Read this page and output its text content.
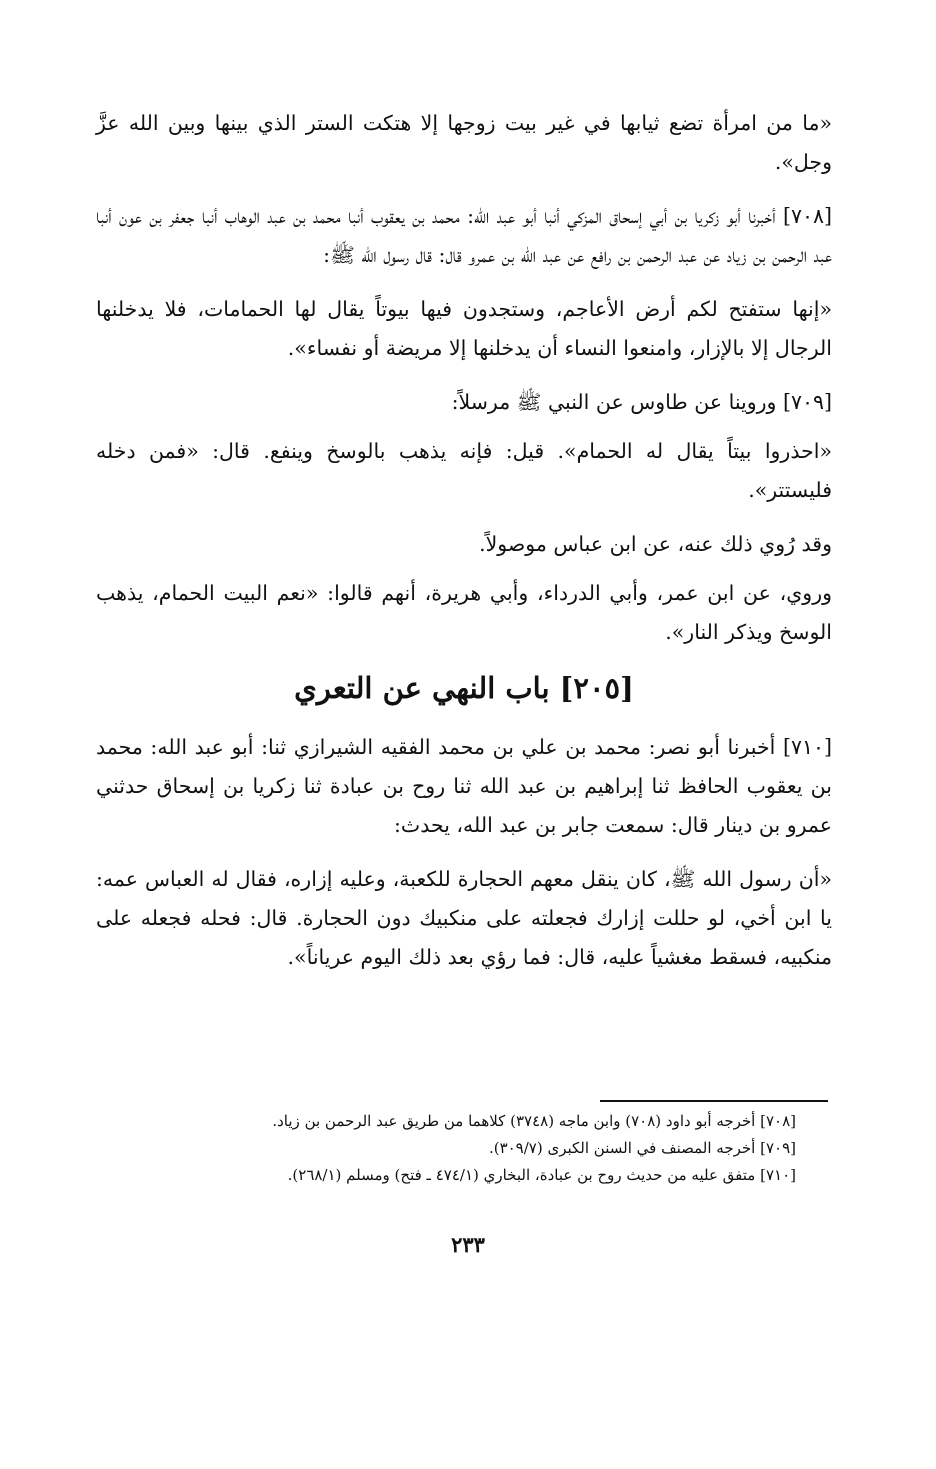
«ما من امرأة تضع ثيابها في غير بيت زوجها إلا هتكت الستر الذي بينها وبين الله عزَّ وجل».

[٧٠٨] أخبرنا أبو زكريا بن أبي إسحاق المزكي أنبا أبو عبد الله: محمد بن يعقوب أنبا محمد بن عبد الوهاب أنبا جعفر بن عون أنبا عبد الرحمن بن زياد عن عبد الرحمن بن رافع عن عبد الله بن عمرو قال: قال رسول الله ﷺ:

«إنها ستفتح لكم أرض الأعاجم، وستجدون فيها بيوتاً يقال لها الحمامات، فلا يدخلنها الرجال إلا بالإزار، وامنعوا النساء أن يدخلنها إلا مريضة أو نفساء».

[٧٠٩] وروينا عن طاوس عن النبي ﷺ مرسلاً:

«احذروا بيتاً يقال له الحمام». قيل: فإنه يذهب بالوسخ وينفع. قال: «فمن دخله فليستتر».

وقد رُوي ذلك عنه، عن ابن عباس موصولاً.

وروي، عن ابن عمر، وأبي الدرداء، وأبي هريرة، أنهم قالوا: «نعم البيت الحمام، يذهب الوسخ ويذكر النار».

[٢٠٥] باب النهي عن التعري

[٧١٠] أخبرنا أبو نصر: محمد بن علي بن محمد الفقيه الشيرازي ثنا: أبو عبد الله: محمد بن يعقوب الحافظ ثنا إبراهيم بن عبد الله ثنا روح بن عبادة ثنا زكريا بن إسحاق حدثني عمرو بن دينار قال: سمعت جابر بن عبد الله، يحدث:

«أن رسول الله ﷺ، كان ينقل معهم الحجارة للكعبة، وعليه إزاره، فقال له العباس عمه: يا ابن أخي، لو حللت إزارك فجعلته على منكبيك دون الحجارة. قال: فحله فجعله على منكبيه، فسقط مغشياً عليه، قال: فما رؤي بعد ذلك اليوم عرياناً».

[٧٠٨] أخرجه أبو داود (٧٠٨) وابن ماجه (٣٧٤٨) كلاهما من طريق عبد الرحمن بن زياد.

[٧٠٩] أخرجه المصنف في السنن الكبرى (٣٠٩/٧).

[٧١٠] متفق عليه من حديث روح بن عبادة، البخاري (٤٧٤/١ ـ فتح) ومسلم (٢٦٨/١).

٢٣٣
